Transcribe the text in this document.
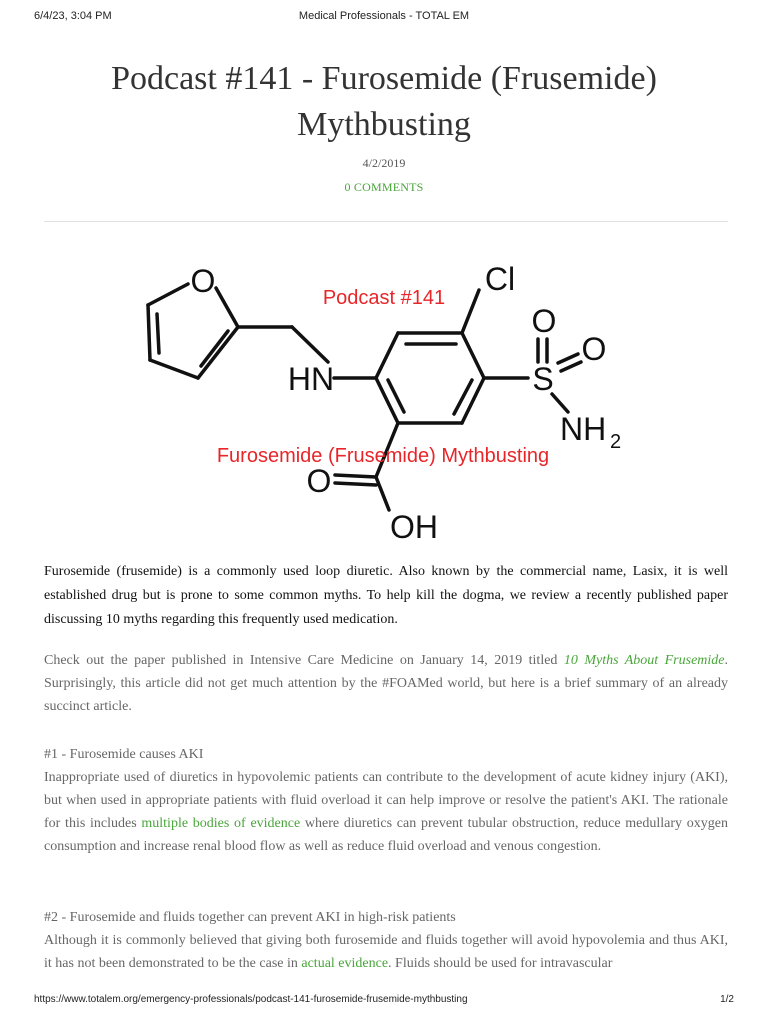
6/4/23, 3:04 PM	Medical Professionals - TOTAL EM
Podcast #141 - Furosemide (Frusemide) Mythbusting
4/2/2019
0 COMMENTS
O	Cl
HN	S
O
O
NH 2
O
OH
Podcast #141
Furosemide (Frusemide) Mythbusting

Furosemide (frusemide) is a commonly used loop diuretic. Also known by the commercial name, Lasix, it is well established drug but is prone to some common myths. To help kill the dogma, we review a recently published paper discussing 10 myths regarding this frequently used medication.

Check out the paper published in Intensive Care Medicine on January 14, 2019 titled 10 Myths About Frusemide. Surprisingly, this article did not get much attention by the #FOAMed world, but here is a brief summary of an already succinct article.

#1 - Furosemide causes AKI

Inappropriate used of diuretics in hypovolemic patients can contribute to the development of acute kidney injury (AKI), but when used in appropriate patients with fluid overload it can help improve or resolve the patient's AKI. The rationale for this includes multiple bodies of evidence where diuretics can prevent tubular obstruction, reduce medullary oxygen consumption and increase renal blood flow as well as reduce fluid overload and venous congestion.

#2 - Furosemide and fluids together can prevent AKI in high-risk patients

Although it is commonly believed that giving both furosemide and fluids together will avoid hypovolemia and thus AKI, it has not been demonstrated to be the case in actual evidence. Fluids should be used for intravascular

https://www.totalem.org/emergency-professionals/podcast-141-furosemide-frusemide-mythbusting	1/2
